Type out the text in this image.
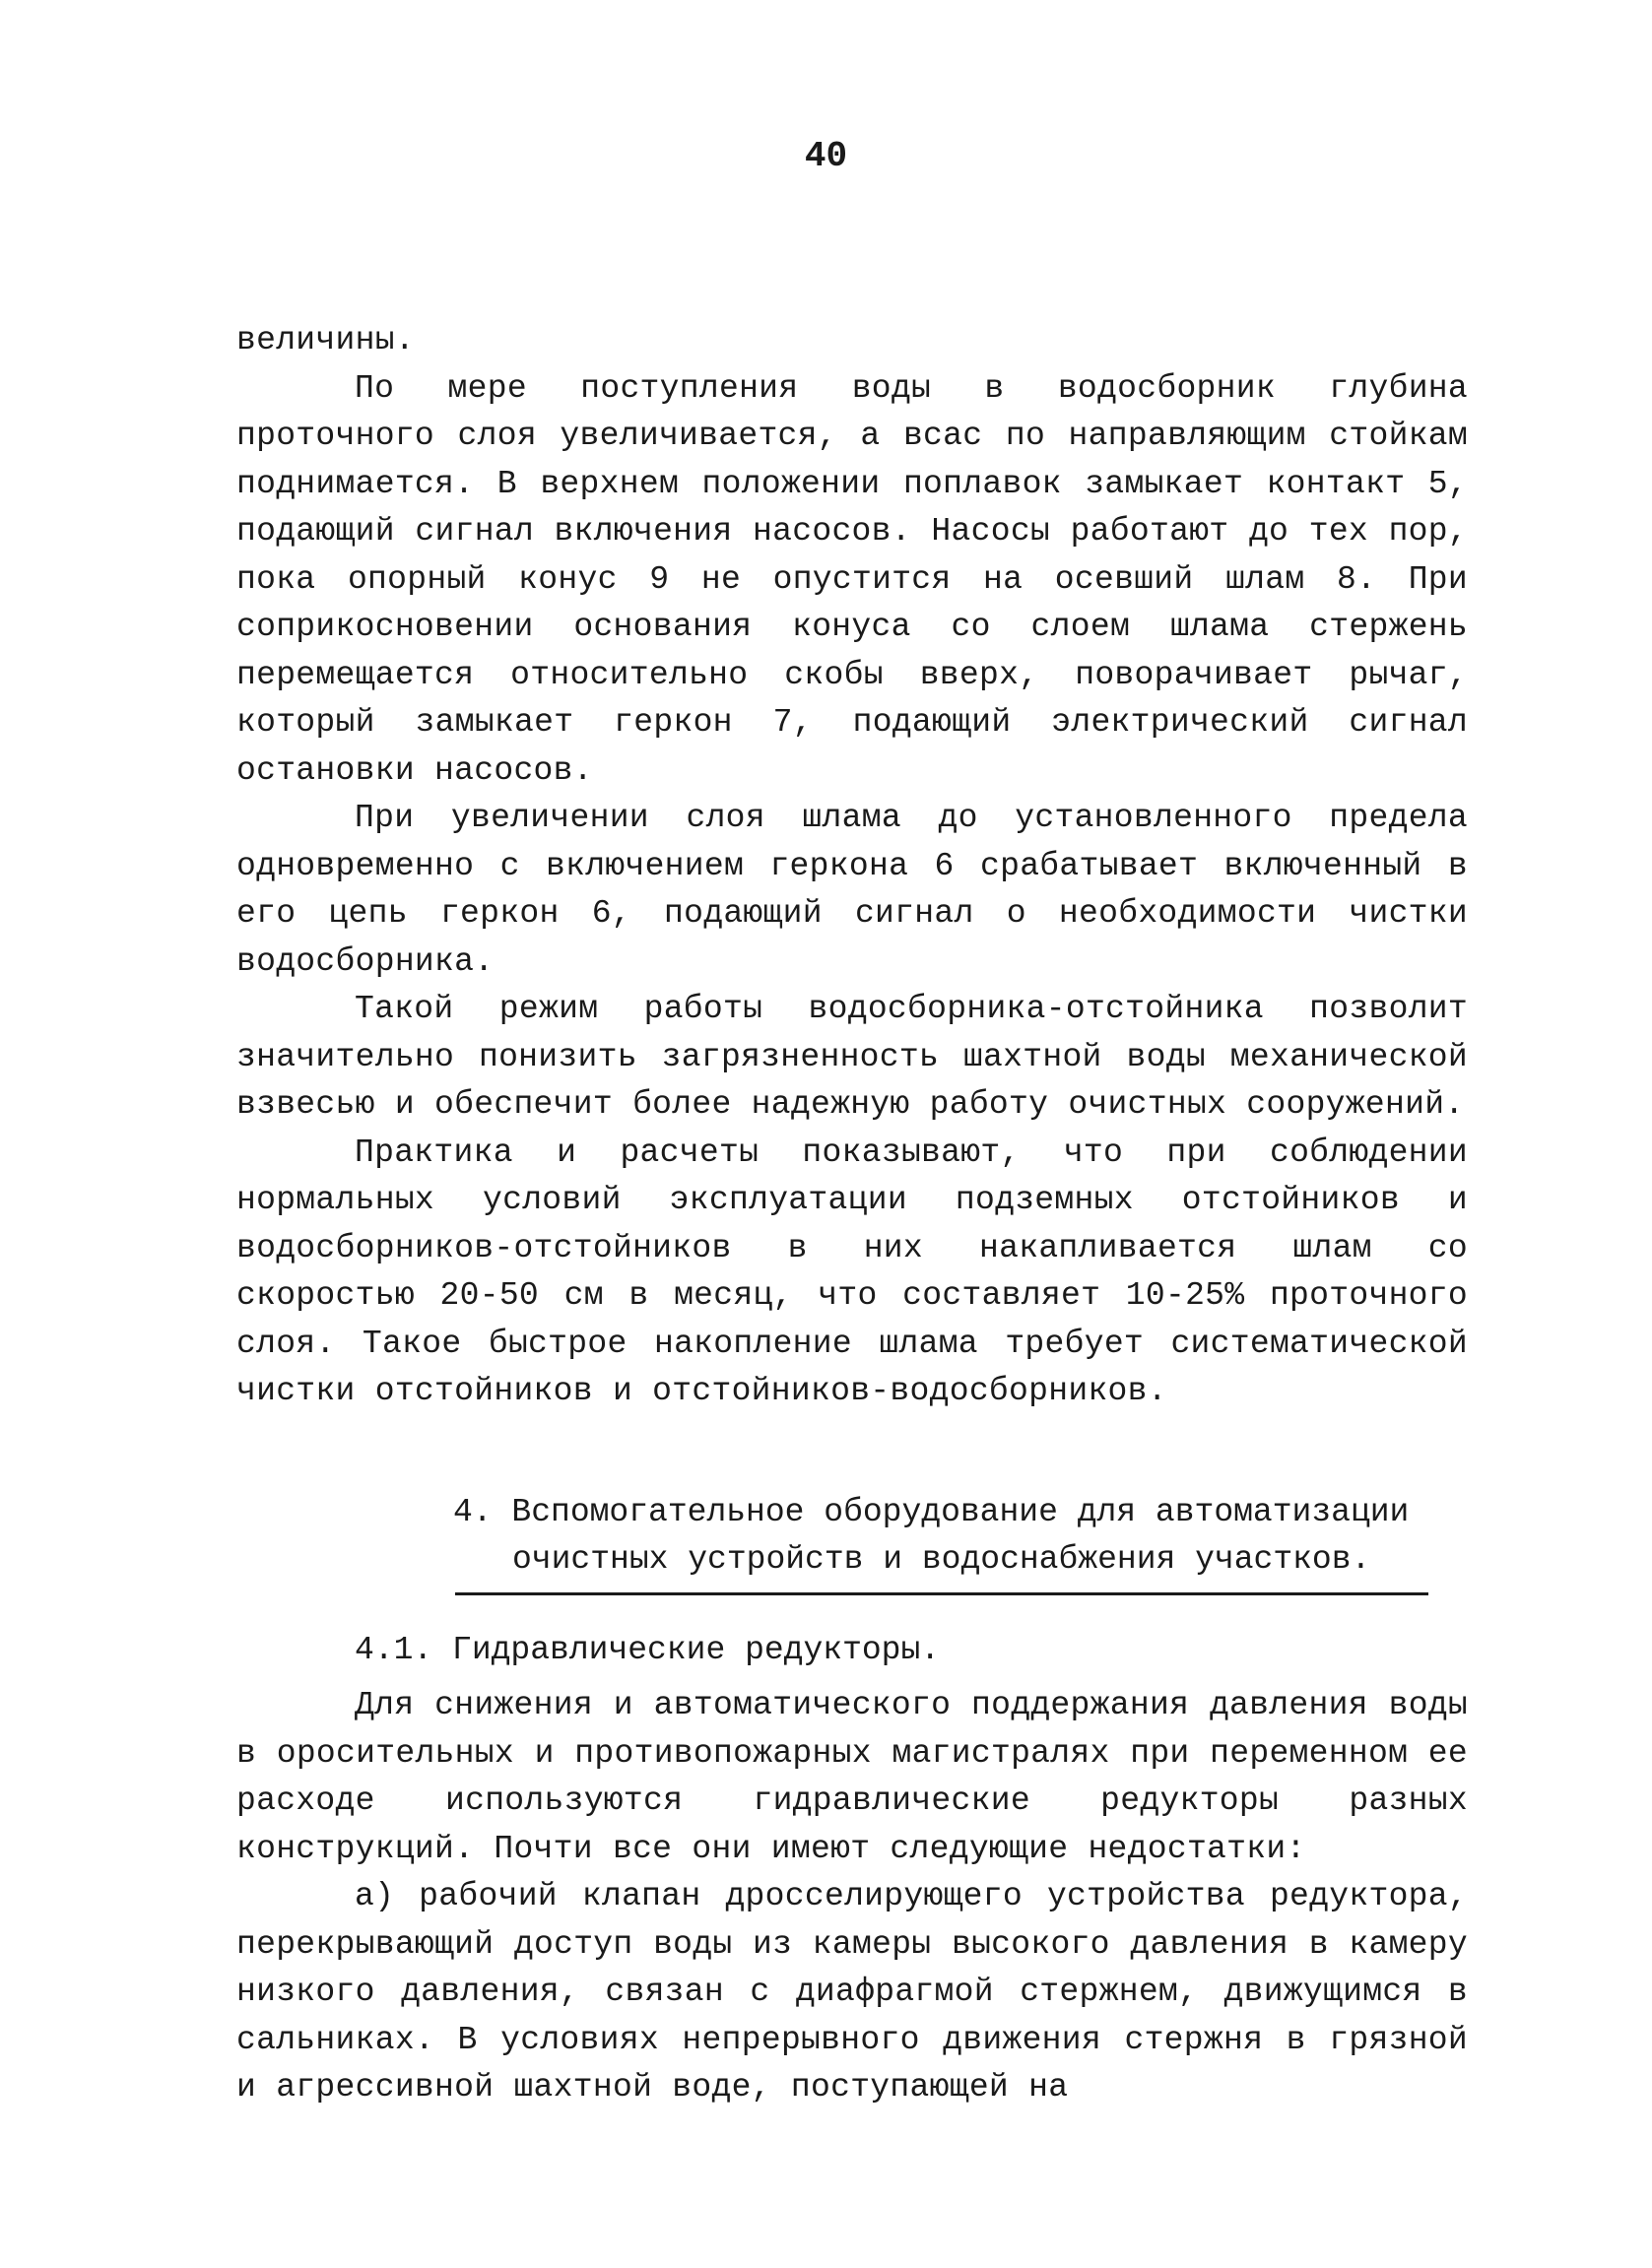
40

величины.

По мере поступления воды в водосборник глубина проточного слоя увеличивается, а всас по направляющим стойкам поднимается. В верхнем положении поплавок замыкает контакт 5, подающий сигнал включения насосов. Насосы работают до тех пор, пока опорный конус 9 не опустится на осевший шлам 8. При соприкосновении основания конуса со слоем шлама стержень перемещается относительно скобы вверх, поворачивает рычаг, который замыкает геркон 7, подающий электрический сигнал остановки насосов.

При увеличении слоя шлама до установленного предела одновременно с включением геркона 6 срабатывает включенный в его цепь геркон 6, подающий сигнал о необходимости чистки водосборника.

Такой режим работы водосборника-отстойника позволит значительно понизить загрязненность шахтной воды механической взвесью и обеспечит более надежную работу очистных сооружений.

Практика и расчеты показывают, что при соблюдении нормальных условий эксплуатации подземных отстойников и водосборников-отстойников в них накапливается шлам со скоростью 20-50 см в месяц, что составляет 10-25% проточного слоя. Такое быстрое накопление шлама требует систематической чистки отстойников и отстойников-водосборников.

4. Вспомогательное оборудование для автоматизации
очистных устройств и водоснабжения участков.
4.1. Гидравлические редукторы.

Для снижения и автоматического поддержания давления воды в оросительных и противопожарных магистралях при переменном ее расходе используются гидравлические редукторы разных конструкций. Почти все они имеют следующие недостатки:

а) рабочий клапан дросселирующего устройства редуктора, перекрывающий доступ воды из камеры высокого давления в камеру низкого давления, связан с диафрагмой стержнем, движущимся в сальниках. В условиях непрерывного движения стержня в грязной и агрессивной шахтной воде, поступающей на
